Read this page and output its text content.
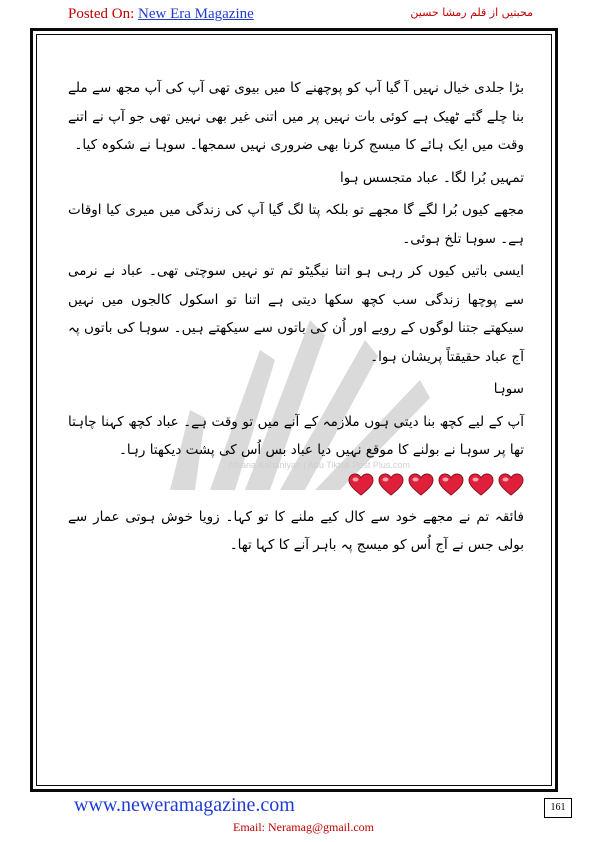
Posted On: New Era Magazine	محبتیں از قلم رمشا حسین
Afsana Kahaniyan | Abu Tiktok Post Plus.com

بڑا جلدی خیال نہیں آ گیا آپ کو پوچھنے کا میں بیوی تھی آپ کی آپ مجھ سے ملے بنا چلے گئے ٹھیک ہے کوئی بات نہیں پر میں اتنی غیر بھی نہیں تھی جو آپ نے اتنے وقت میں ایک ہائے کا میسج کرنا بھی ضروری نہیں سمجھا۔ سوہا نے شکوہ کیا۔

تمہیں بُرا لگا۔ عباد متجسس ہوا

مجھے کیوں بُرا لگے گا مجھے تو بلکہ پتا لگ گیا آپ کی زندگی میں میری کیا اوقات ہے۔ سوہا تلخ ہوئی۔

ایسی باتیں کیوں کر رہی ہو اتنا نیگیٹو تم تو نہیں سوچتی تھی۔ عباد نے نرمی سے پوچھا زندگی سب کچھ سکھا دیتی ہے اتنا تو اسکول کالجوں میں نہیں سیکھتے جتنا لوگوں کے رویے اور اُن کی باتوں سے سیکھتے ہیں۔ سوہا کی باتوں پہ آج عباد حقیقتاً پریشان ہوا۔

سوہا

آپ کے لیے کچھ بنا دیتی ہوں ملازمہ کے آنے میں تو وقت ہے۔ عباد کچھ کہنا چاہتا تھا پر سوہا نے بولنے کا موقع نہیں دیا عباد بس اُس کی پشت دیکھتا رہا۔

فائقہ تم نے مجھے خود سے کال کیے ملنے کا تو کہا۔ زویا خوش ہوتی عمار سے بولی جس نے آج اُس کو میسج پہ باہر آنے کا کہا تھا۔

www.neweramagazine.com	161
Email: Neramag@gmail.com
